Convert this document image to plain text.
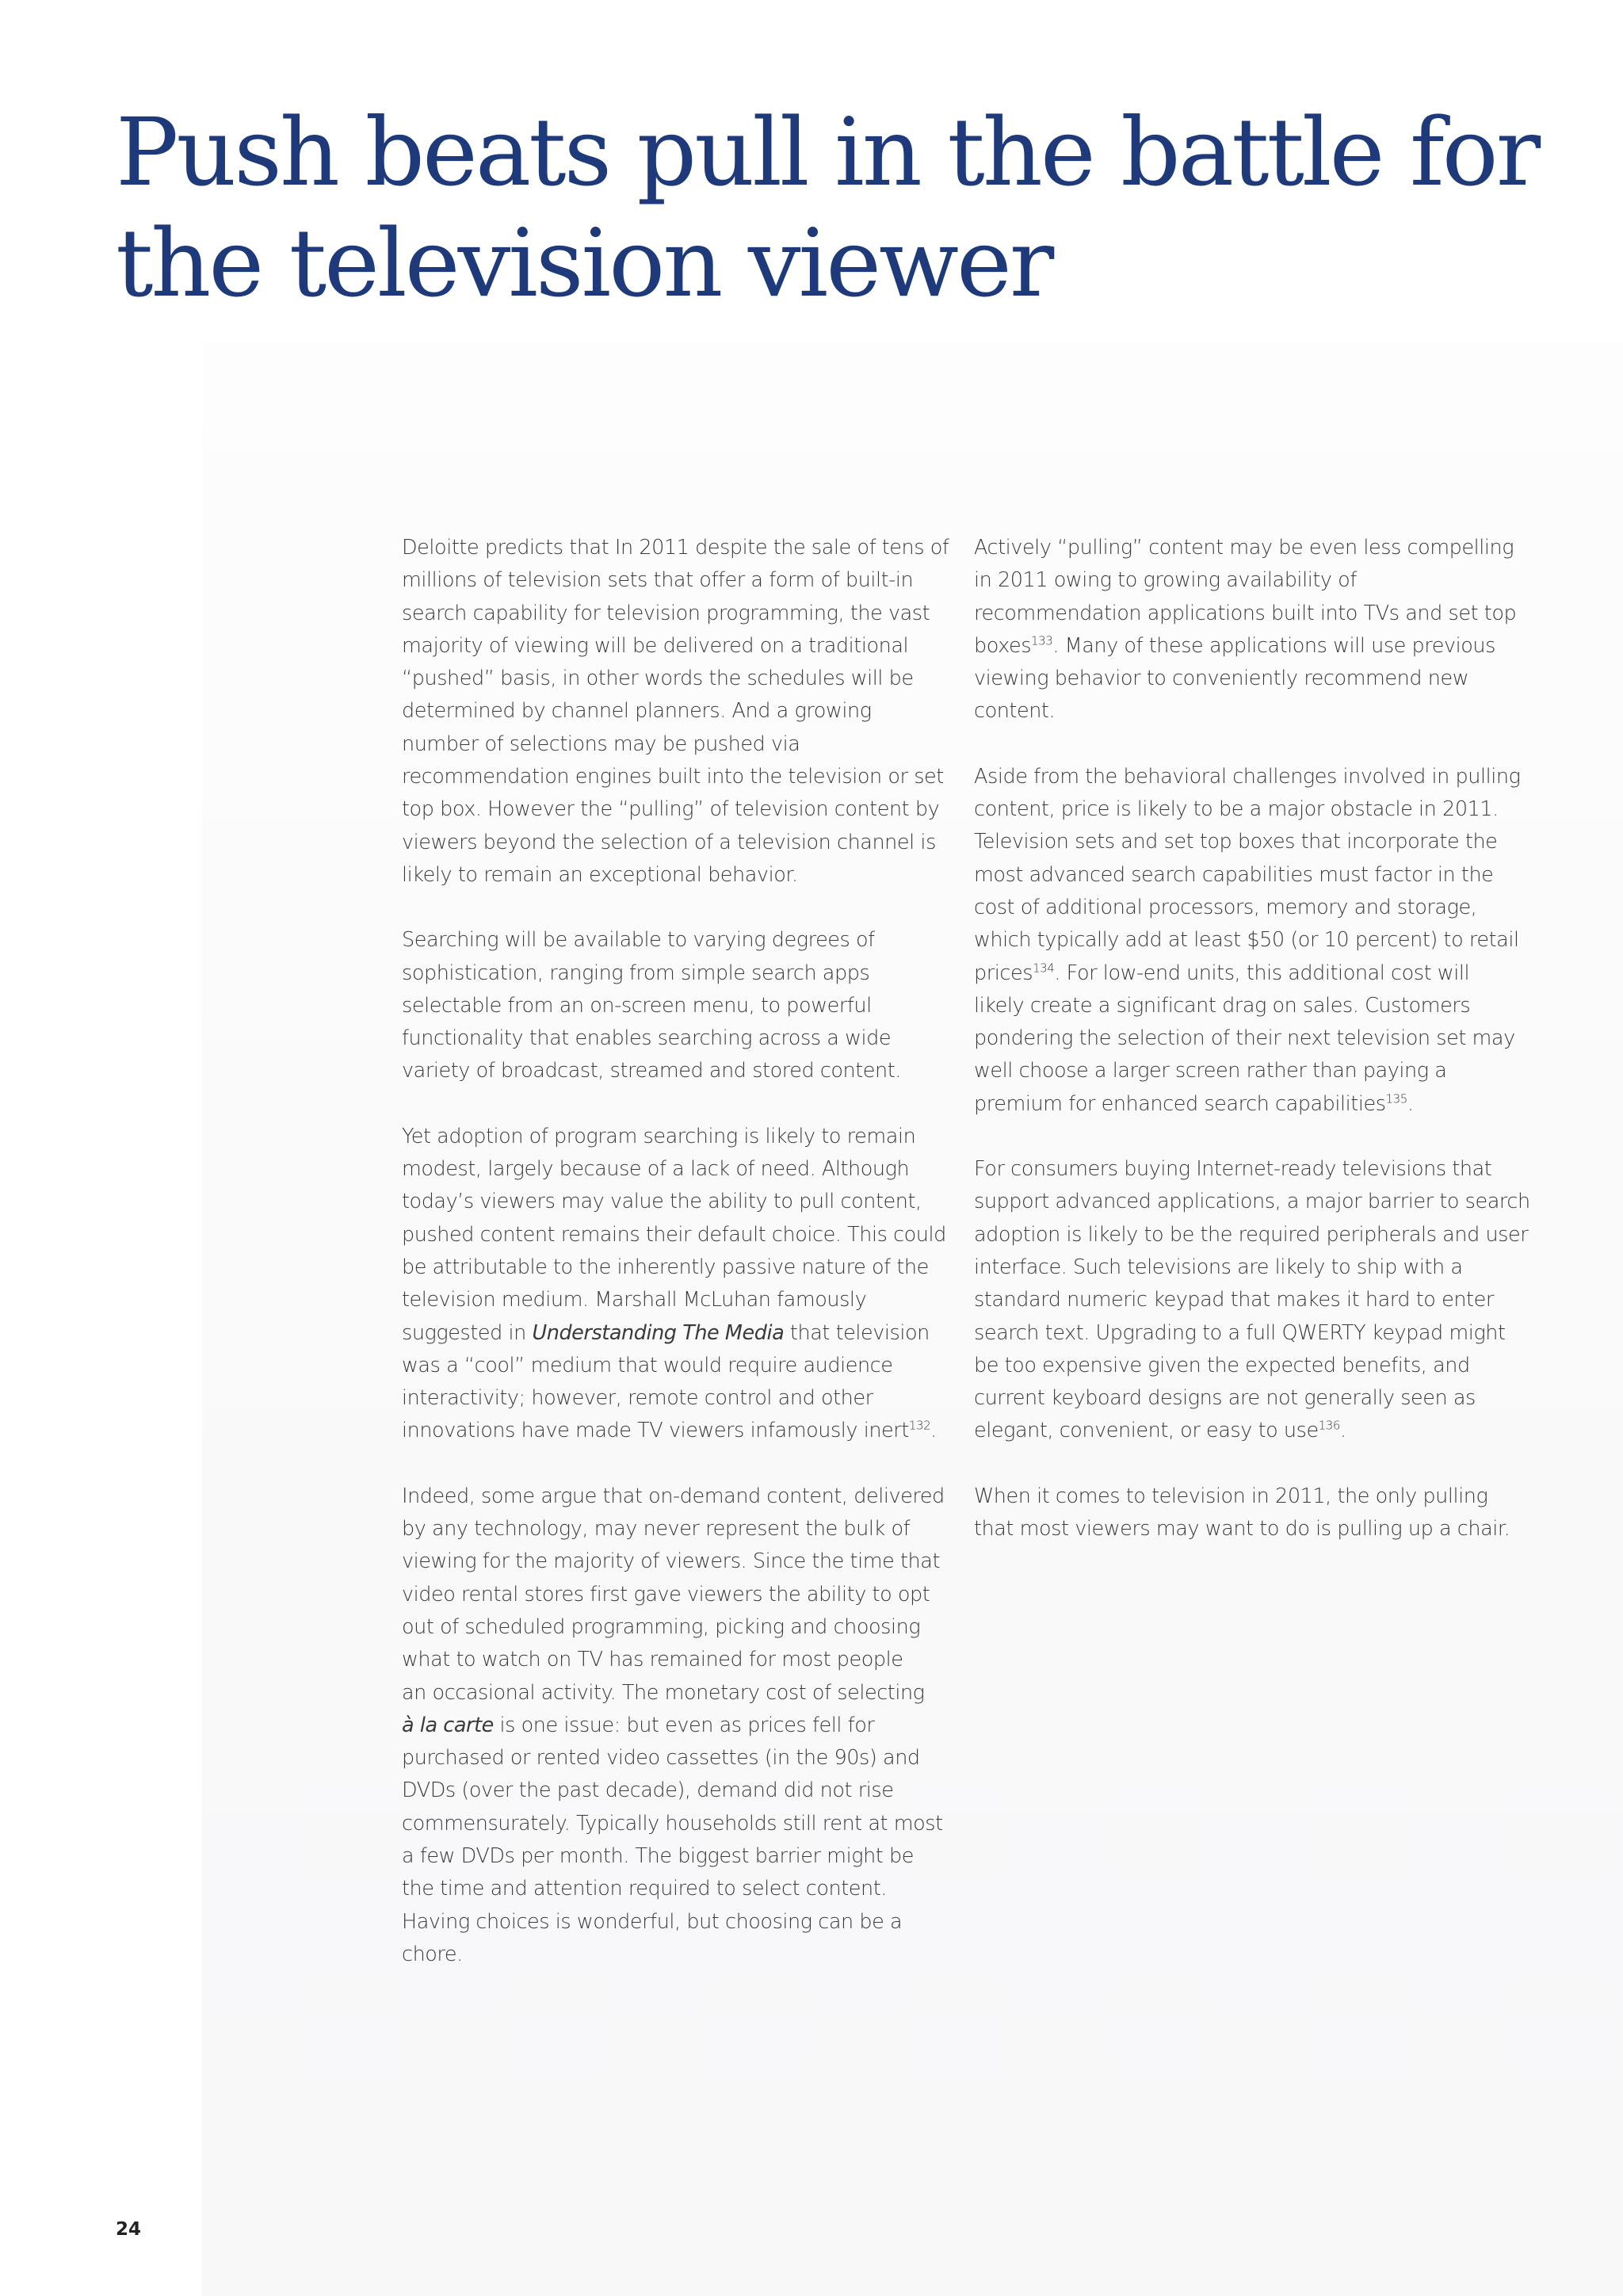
Push beats pull in the battle for
the television viewer

Deloitte predicts that In 2011 despite the sale of tens of
millions of television sets that offer a form of built-in
search capability for television programming, the vast
majority of viewing will be delivered on a traditional
“pushed” basis, in other words the schedules will be
determined by channel planners. And a growing
number of selections may be pushed via
recommendation engines built into the television or set
top box. However the “pulling” of television content by
viewers beyond the selection of a television channel is
likely to remain an exceptional behavior.

Searching will be available to varying degrees of
sophistication, ranging from simple search apps
selectable from an on-screen menu, to powerful
functionality that enables searching across a wide
variety of broadcast, streamed and stored content.

Yet adoption of program searching is likely to remain
modest, largely because of a lack of need. Although
today’s viewers may value the ability to pull content,
pushed content remains their default choice. This could
be attributable to the inherently passive nature of the
television medium. Marshall McLuhan famously
suggested in Understanding The Media that television
was a “cool” medium that would require audience
interactivity; however, remote control and other
innovations have made TV viewers infamously inert$^{132}$.

Indeed, some argue that on-demand content, delivered
by any technology, may never represent the bulk of
viewing for the majority of viewers. Since the time that
video rental stores first gave viewers the ability to opt
out of scheduled programming, picking and choosing
what to watch on TV has remained for most people
an occasional activity. The monetary cost of selecting
à la carte is one issue: but even as prices fell for
purchased or rented video cassettes (in the 90s) and
DVDs (over the past decade), demand did not rise
commensurately. Typically households still rent at most
a few DVDs per month. The biggest barrier might be
the time and attention required to select content.
Having choices is wonderful, but choosing can be a
chore.

Actively “pulling” content may be even less compelling
in 2011 owing to growing availability of
recommendation applications built into TVs and set top
boxes$^{133}$. Many of these applications will use previous
viewing behavior to conveniently recommend new
content.

Aside from the behavioral challenges involved in pulling
content, price is likely to be a major obstacle in 2011.
Television sets and set top boxes that incorporate the
most advanced search capabilities must factor in the
cost of additional processors, memory and storage,
which typically add at least $50 (or 10 percent) to retail
prices$^{134}$. For low-end units, this additional cost will
likely create a significant drag on sales. Customers
pondering the selection of their next television set may
well choose a larger screen rather than paying a
premium for enhanced search capabilities$^{135}$.

For consumers buying Internet-ready televisions that
support advanced applications, a major barrier to search
adoption is likely to be the required peripherals and user
interface. Such televisions are likely to ship with a
standard numeric keypad that makes it hard to enter
search text. Upgrading to a full QWERTY keypad might
be too expensive given the expected benefits, and
current keyboard designs are not generally seen as
elegant, convenient, or easy to use$^{136}$.

When it comes to television in 2011, the only pulling
that most viewers may want to do is pulling up a chair.

24
